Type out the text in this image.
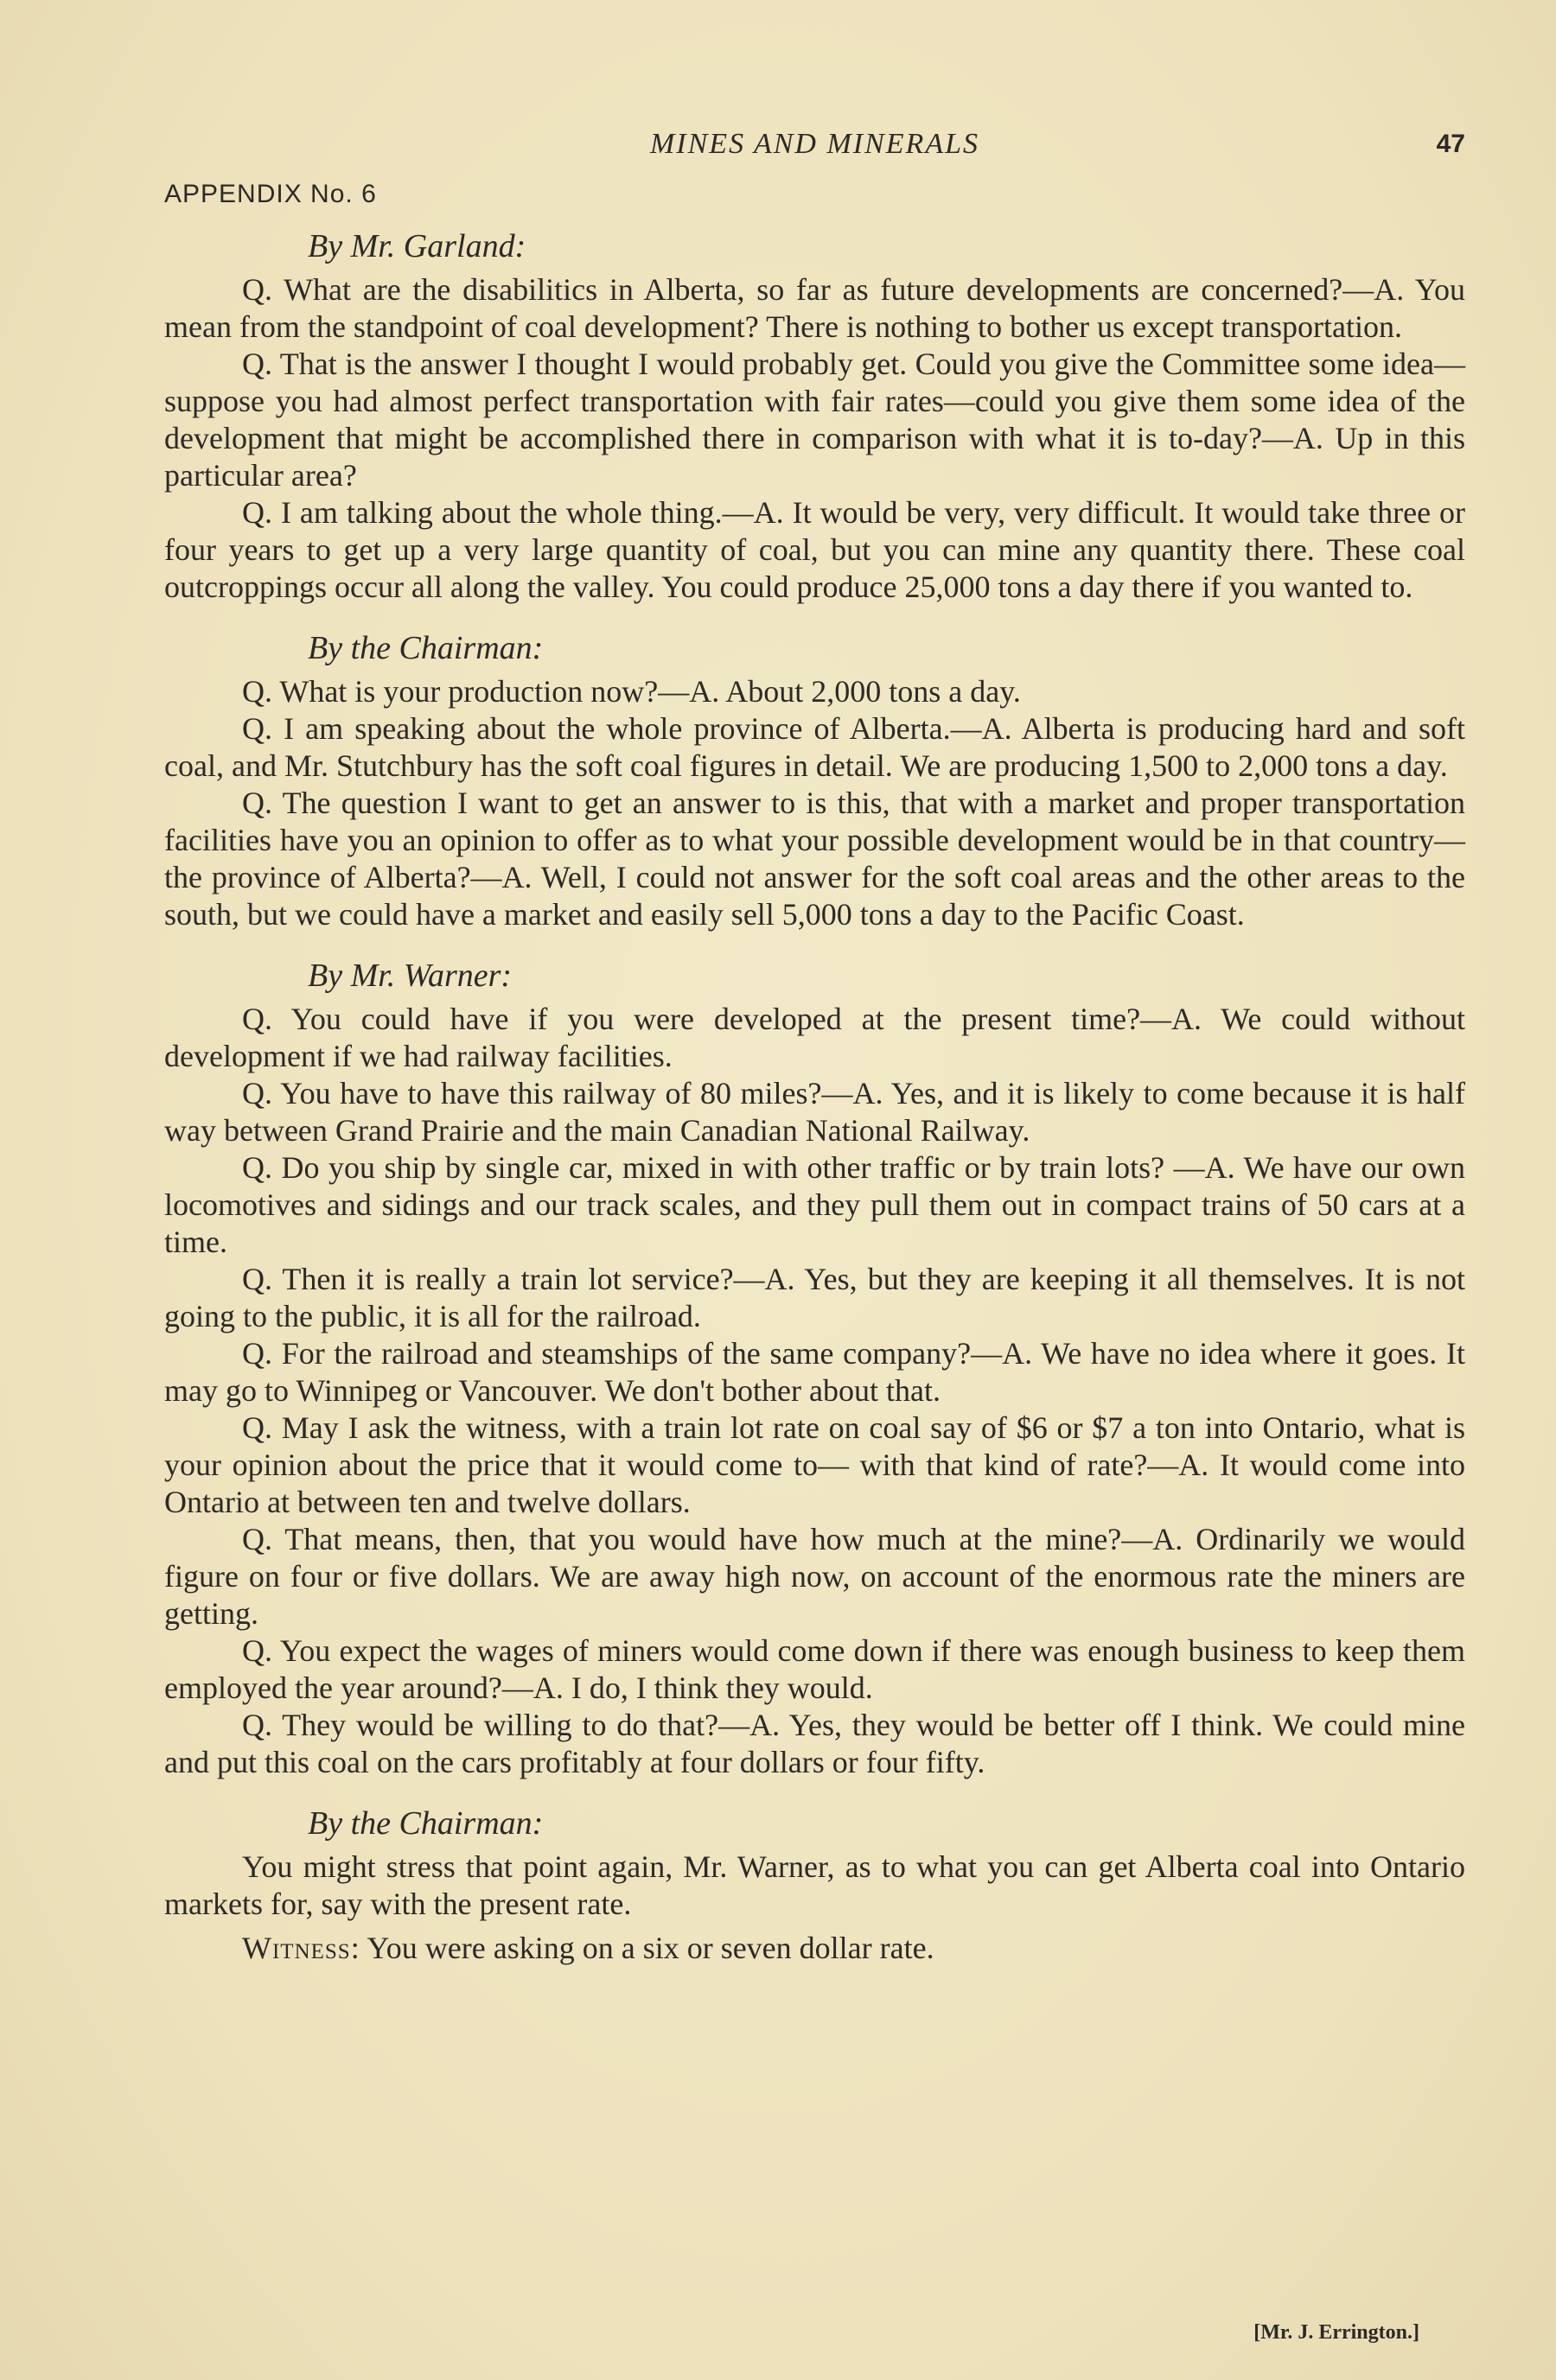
MINES AND MINERALS	47
APPENDIX No. 6
By Mr. Garland:

Q. What are the disabilitics in Alberta, so far as future developments are concerned?—A. You mean from the standpoint of coal development? There is nothing to bother us except transportation.

Q. That is the answer I thought I would probably get. Could you give the Committee some idea—suppose you had almost perfect transportation with fair rates—could you give them some idea of the development that might be accomplished there in comparison with what it is to-day?—A. Up in this particular area?

Q. I am talking about the whole thing.—A. It would be very, very difficult. It would take three or four years to get up a very large quantity of coal, but you can mine any quantity there. These coal outcroppings occur all along the valley. You could produce 25,000 tons a day there if you wanted to.

By the Chairman:

Q. What is your production now?—A. About 2,000 tons a day.

Q. I am speaking about the whole province of Alberta.—A. Alberta is producing hard and soft coal, and Mr. Stutchbury has the soft coal figures in detail. We are producing 1,500 to 2,000 tons a day.

Q. The question I want to get an answer to is this, that with a market and proper transportation facilities have you an opinion to offer as to what your possible development would be in that country—the province of Alberta?—A. Well, I could not answer for the soft coal areas and the other areas to the south, but we could have a market and easily sell 5,000 tons a day to the Pacific Coast.

By Mr. Warner:

Q. You could have if you were developed at the present time?—A. We could without development if we had railway facilities.

Q. You have to have this railway of 80 miles?—A. Yes, and it is likely to come because it is half way between Grand Prairie and the main Canadian National Railway.

Q. Do you ship by single car, mixed in with other traffic or by train lots? —A. We have our own locomotives and sidings and our track scales, and they pull them out in compact trains of 50 cars at a time.

Q. Then it is really a train lot service?—A. Yes, but they are keeping it all themselves. It is not going to the public, it is all for the railroad.

Q. For the railroad and steamships of the same company?—A. We have no idea where it goes. It may go to Winnipeg or Vancouver. We don't bother about that.

Q. May I ask the witness, with a train lot rate on coal say of $6 or $7 a ton into Ontario, what is your opinion about the price that it would come to— with that kind of rate?—A. It would come into Ontario at between ten and twelve dollars.

Q. That means, then, that you would have how much at the mine?—A. Ordinarily we would figure on four or five dollars. We are away high now, on account of the enormous rate the miners are getting.

Q. You expect the wages of miners would come down if there was enough business to keep them employed the year around?—A. I do, I think they would.

Q. They would be willing to do that?—A. Yes, they would be better off I think. We could mine and put this coal on the cars profitably at four dollars or four fifty.

By the Chairman:

You might stress that point again, Mr. Warner, as to what you can get Alberta coal into Ontario markets for, say with the present rate.

Witness: You were asking on a six or seven dollar rate.

[Mr. J. Errington.]
